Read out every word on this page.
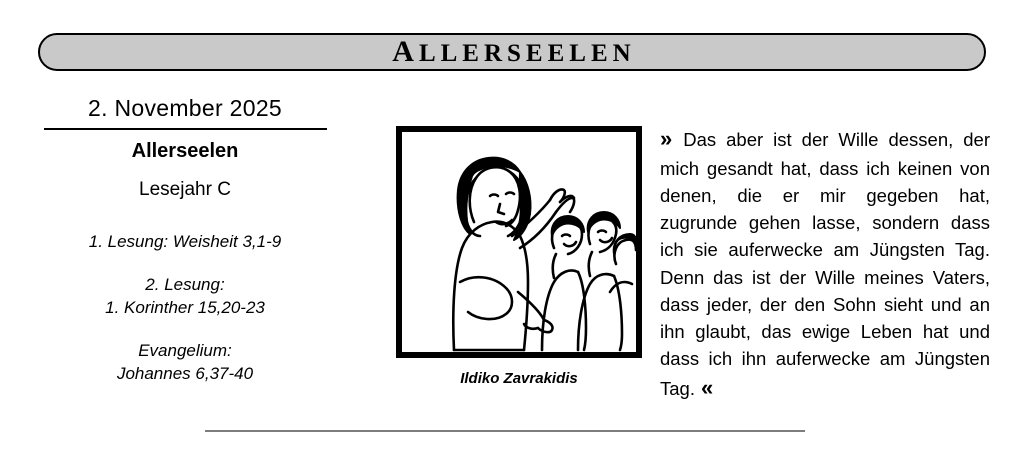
ALLERSEELEN
2. November 2025
Allerseelen
Lesejahr C
1. Lesung: Weisheit 3,1-9
2. Lesung:
1. Korinther 15,20-23
Evangelium:
Johannes 6,37-40	Ildiko Zavrakidis

» Das aber ist der Wille dessen, der mich gesandt hat, dass ich keinen von denen, die er mir gegeben hat, zugrunde gehen lasse, sondern dass ich sie auferwecke am Jüngsten Tag. Denn das ist der Wille meines Vaters, dass jeder, der den Sohn sieht und an ihn glaubt, das ewige Leben hat und dass ich ihn auferwecke am Jüngsten Tag. «
